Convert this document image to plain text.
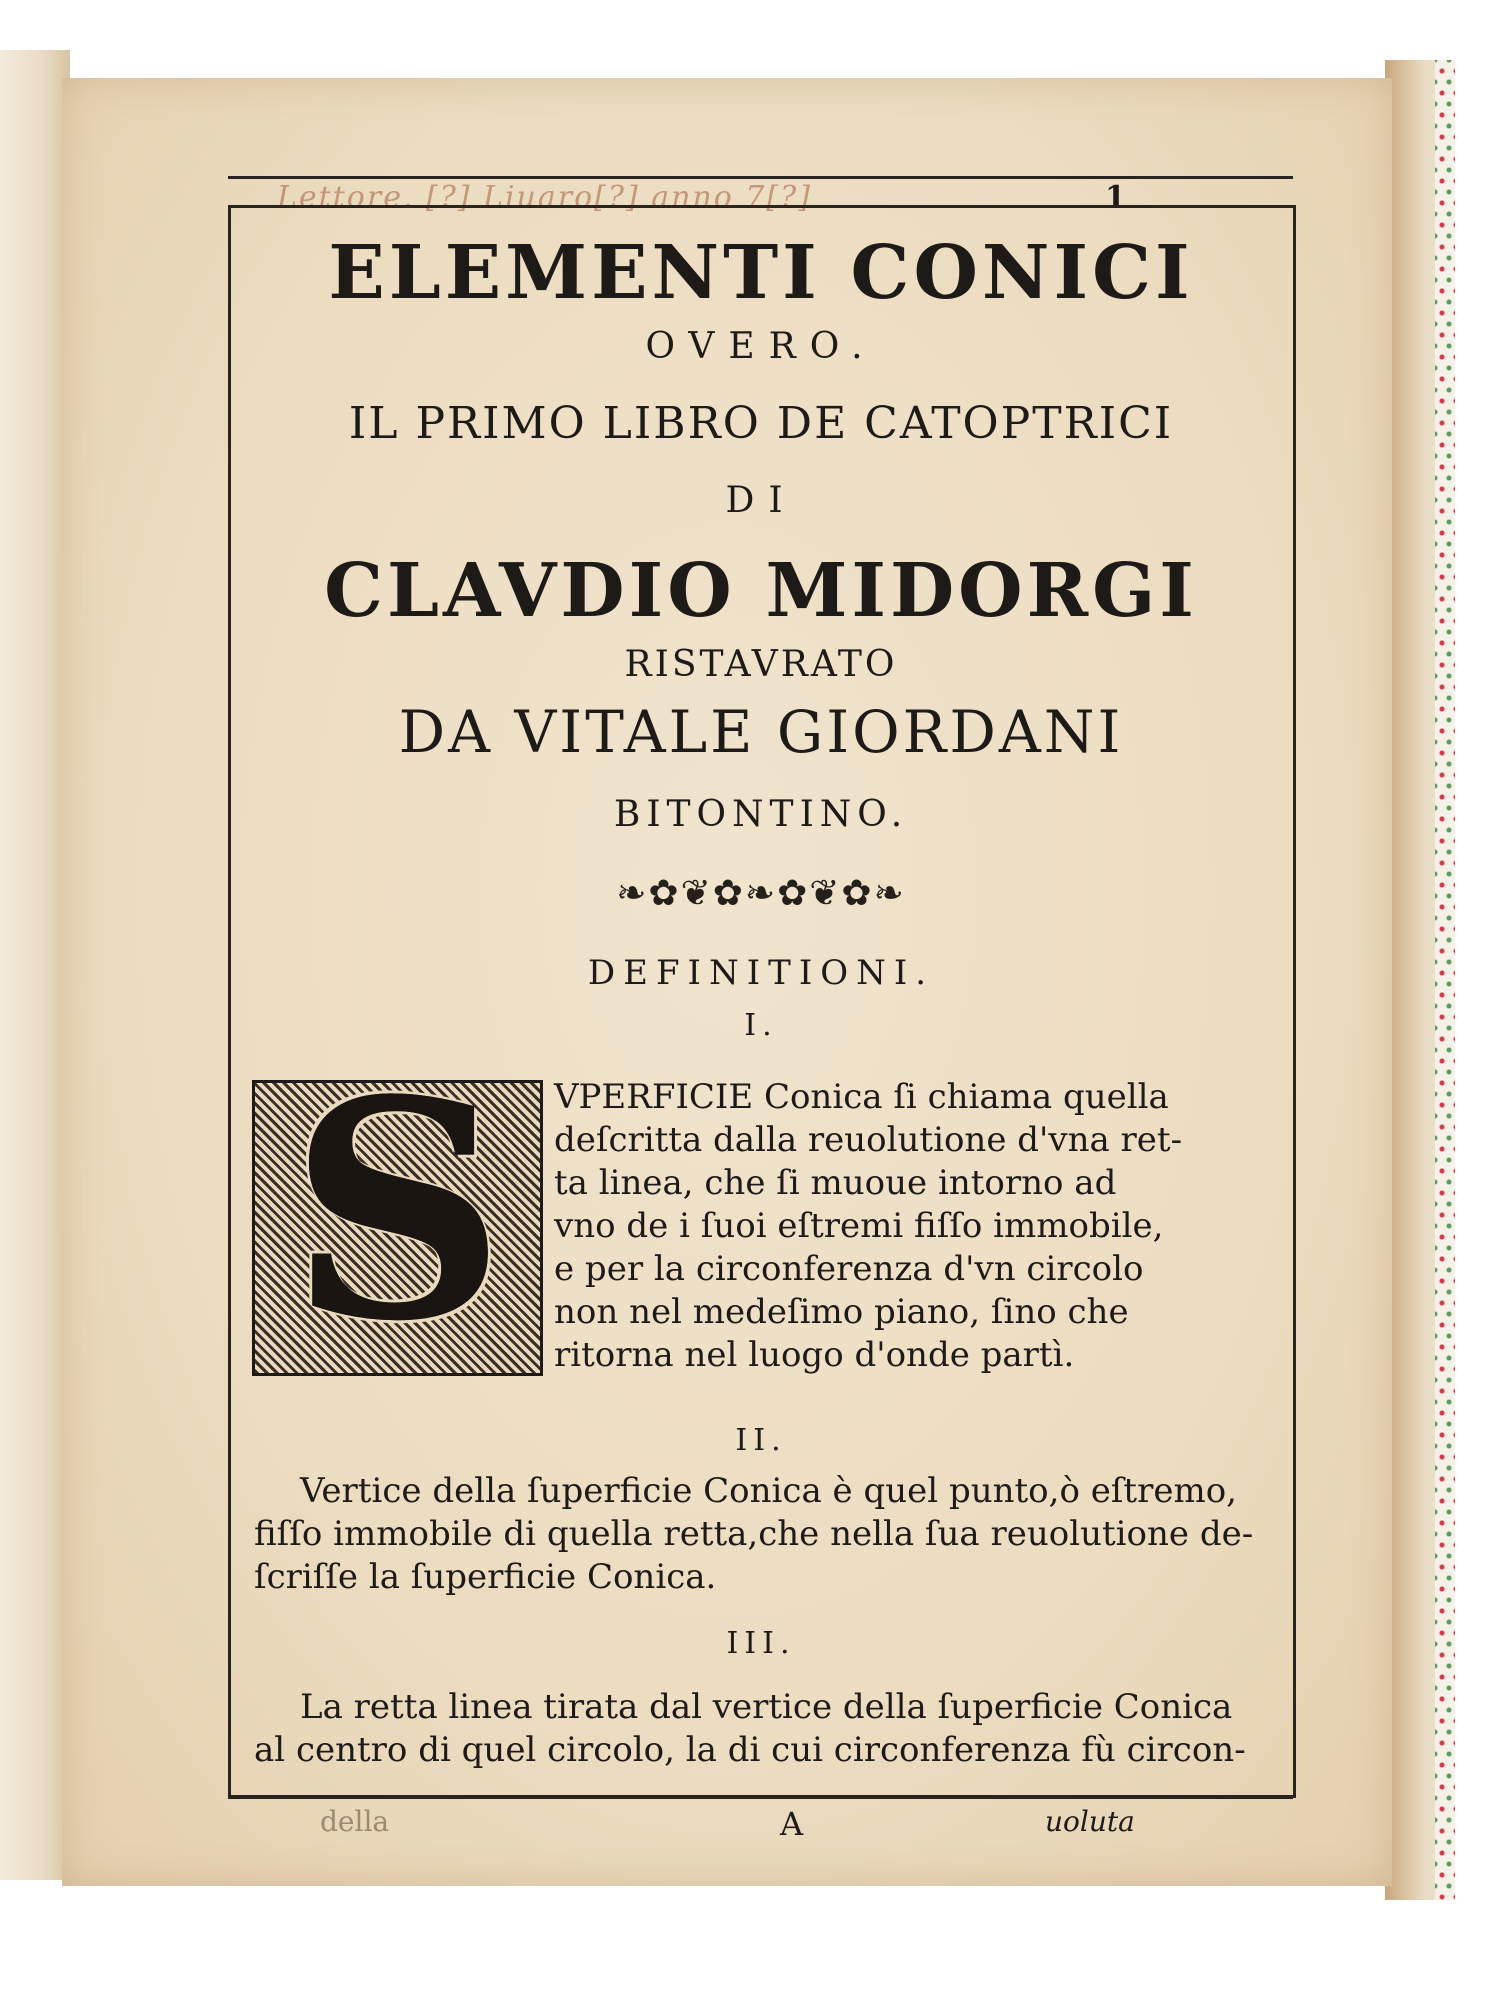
Lettore. [?] Liuaro[?] anno 7[?]	1
ELEMENTI CONICI
OVERO.
IL PRIMO LIBRO DE CATOPTRICI
DI
CLAVDIO MIDORGI
RISTAVRATO
DA VITALE GIORDANI
BITONTINO.
❧✿❦✿❧✿❦✿❧
DEFINITIONI.
I.
S	VPERFICIE Conica ſi chiama quella
deſcritta dalla reuolutione d'vna ret-
ta linea, che ſi muoue intorno ad
vno de i ſuoi eſtremi fiſſo immobile,
e per la circonferenza d'vn circolo
non nel medeſimo piano, ſino che
ritorna nel luogo d'onde partì.
II.
Vertice della ſuperficie Conica è quel punto,ò eſtremo,
fiſſo immobile di quella retta,che nella ſua reuolutione de-
ſcriſſe la ſuperficie Conica.
III.
La retta linea tirata dal vertice della ſuperficie Conica
al centro di quel circolo, la di cui circonferenza fù circon-
della	A	uoluta
